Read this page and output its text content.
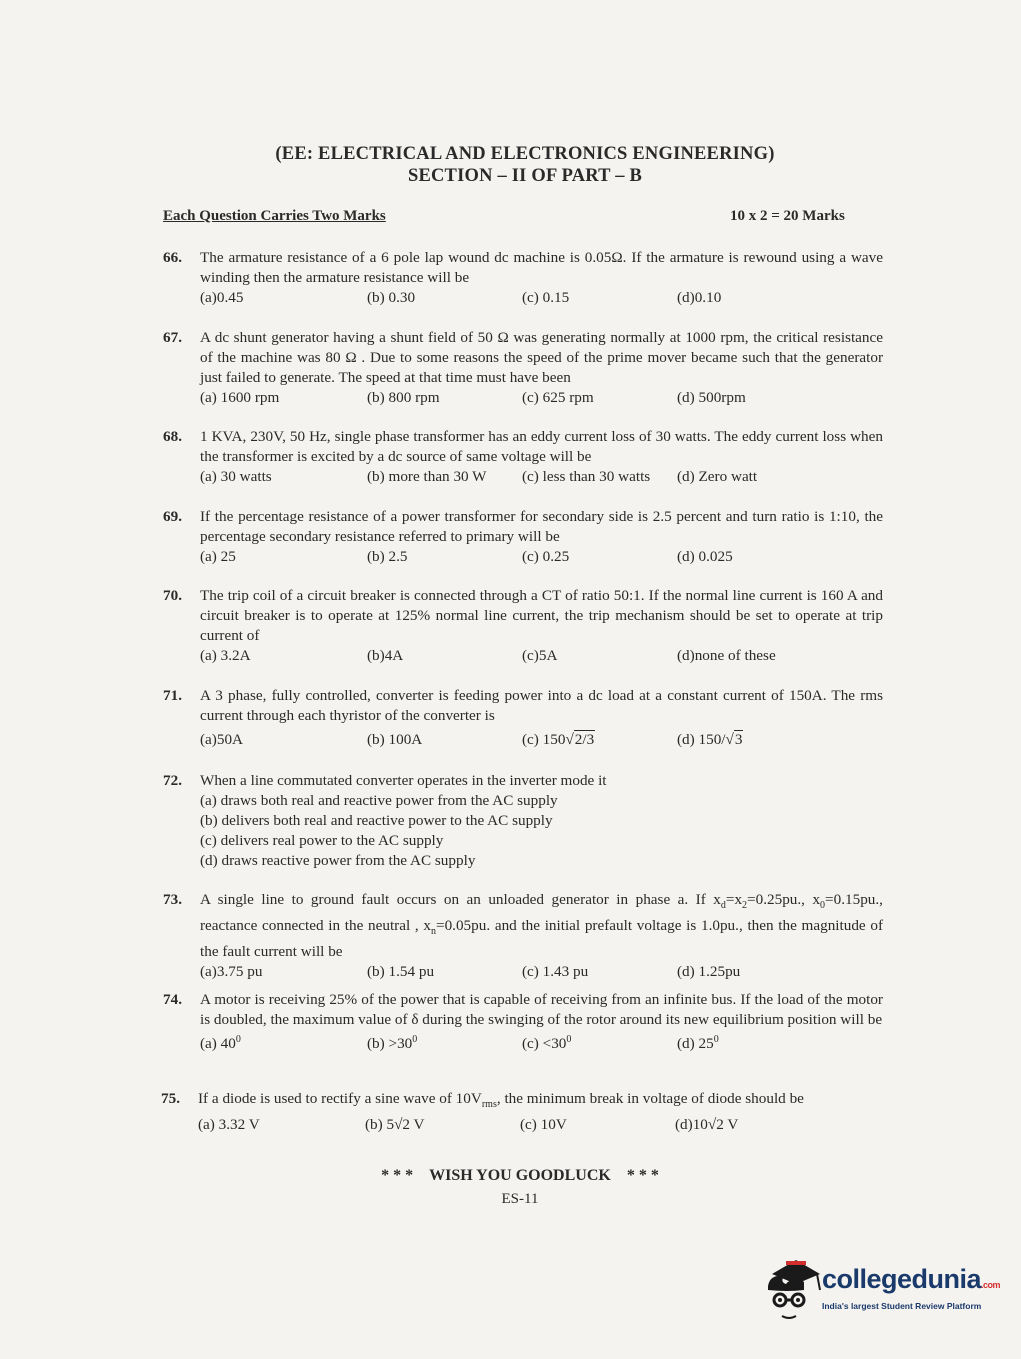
(EE: ELECTRICAL AND ELECTRONICS ENGINEERING)
SECTION – II OF PART – B
Each Question Carries Two Marks	10 x 2 = 20 Marks
66. The armature resistance of a 6 pole lap wound dc machine is 0.05Ω. If the armature is rewound using a wave winding then the armature resistance will be
(a)0.45	(b) 0.30	(c) 0.15	(d)0.10
67. A dc shunt generator having a shunt field of 50 Ω was generating normally at 1000 rpm, the critical resistance of the machine was 80 Ω . Due to some reasons the speed of the prime mover became such that the generator just failed to generate. The speed at that time must have been
(a) 1600 rpm	(b) 800 rpm	(c) 625 rpm	(d) 500rpm
68. 1 KVA, 230V, 50 Hz, single phase transformer has an eddy current loss of 30 watts. The eddy current loss when the transformer is excited by a dc source of same voltage will be
(a) 30 watts	(b) more than 30 W (c) less than 30 watts (d) Zero watt
69. If the percentage resistance of a power transformer for secondary side is 2.5 percent and turn ratio is 1:10, the percentage secondary resistance referred to primary will be
(a) 25	(b) 2.5	(c) 0.25	(d) 0.025
70. The trip coil of a circuit breaker is connected through a CT of ratio 50:1. If the normal line current is 160 A and circuit breaker is to operate at 125% normal line current, the trip mechanism should be set to operate at trip current of
(a) 3.2A	(b)4A	(c)5A	(d)none of these
71. A 3 phase, fully controlled, converter is feeding power into a dc load at a constant current of 150A. The rms current through each thyristor of the converter is
(a)50A	(b) 100A	(c) 150√2/3	(d) 150/√3
72. When a line commutated converter operates in the inverter mode it
(a) draws both real and reactive power from the AC supply
(b) delivers both real and reactive power to the AC supply
(c) delivers real power to the AC supply
(d) draws reactive power from the AC supply
73. A single line to ground fault occurs on an unloaded generator in phase a. If $x_d=x_2=0.25pu$., $x_0=0.15pu$., reactance connected in the neutral , $x_n=0.05pu$. and the initial prefault voltage is 1.0pu., then the magnitude of the fault current will be
(a)3.75 pu	(b) 1.54 pu	(c) 1.43 pu	(d) 1.25pu
74. A motor is receiving 25% of the power that is capable of receiving from an infinite bus. If the load of the motor is doubled, the maximum value of δ during the swinging of the rotor around its new equilibrium position will be
(a) $40^0$	$(b) >30^0$	$(c) <30^0$	(d) $25^0$
75. If a diode is used to rectify a sine wave of $10V_{rms}$, the minimum break in voltage of diode should be
(a) 3.32 V	(b) 5√2 V	(c) 10V	(d)10√2 V
* * * WISH YOU GOODLUCK * * *
ES-11
collegedunia.com
India's largest Student Review Platform
